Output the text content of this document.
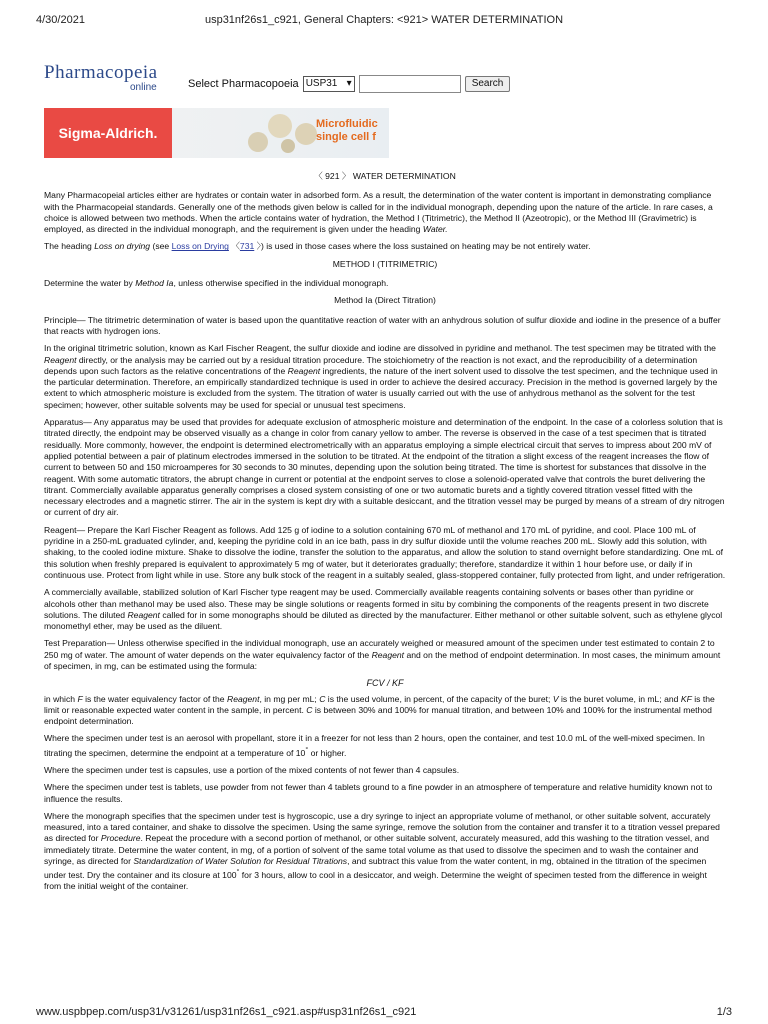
4/30/2021	usp31nf26s1_c921, General Chapters: <921> WATER DETERMINATION
Pharmacopeia
online	Select Pharmacopoeia USP31 ▾	Search
Sigma-Aldrich.
Microfluidic
single cell f
〈 921 〉 WATER DETERMINATION

Many Pharmacopeial articles either are hydrates or contain water in adsorbed form. As a result, the determination of the water content is important in demonstrating compliance with the Pharmacopeial standards. Generally one of the methods given below is called for in the individual monograph, depending upon the nature of the article. In rare cases, a choice is allowed between two methods. When the article contains water of hydration, the Method I (Titrimetric), the Method II (Azeotropic), or the Method III (Gravimetric) is employed, as directed in the individual monograph, and the requirement is given under the heading Water.

The heading Loss on drying (see Loss on Drying 〈731 〉) is used in those cases where the loss sustained on heating may be not entirely water.

METHOD I (TITRIMETRIC)

Determine the water by Method Ia, unless otherwise specified in the individual monograph.

Method Ia (Direct Titration)

Principle— The titrimetric determination of water is based upon the quantitative reaction of water with an anhydrous solution of sulfur dioxide and iodine in the presence of a buffer that reacts with hydrogen ions.

In the original titrimetric solution, known as Karl Fischer Reagent, the sulfur dioxide and iodine are dissolved in pyridine and methanol. The test specimen may be titrated with the Reagent directly, or the analysis may be carried out by a residual titration procedure. The stoichiometry of the reaction is not exact, and the reproducibility of a determination depends upon such factors as the relative concentrations of the Reagent ingredients, the nature of the inert solvent used to dissolve the test specimen, and the technique used in the particular determination. Therefore, an empirically standardized technique is used in order to achieve the desired accuracy. Precision in the method is governed largely by the extent to which atmospheric moisture is excluded from the system. The titration of water is usually carried out with the use of anhydrous methanol as the solvent for the test specimen; however, other suitable solvents may be used for special or unusual test specimens.

Apparatus— Any apparatus may be used that provides for adequate exclusion of atmospheric moisture and determination of the endpoint. In the case of a colorless solution that is titrated directly, the endpoint may be observed visually as a change in color from canary yellow to amber. The reverse is observed in the case of a test specimen that is titrated residually. More commonly, however, the endpoint is determined electrometrically with an apparatus employing a simple electrical circuit that serves to impress about 200 mV of applied potential between a pair of platinum electrodes immersed in the solution to be titrated. At the endpoint of the titration a slight excess of the reagent increases the flow of current to between 50 and 150 microamperes for 30 seconds to 30 minutes, depending upon the solution being titrated. The time is shortest for substances that dissolve in the reagent. With some automatic titrators, the abrupt change in current or potential at the endpoint serves to close a solenoid-operated valve that controls the buret delivering the titrant. Commercially available apparatus generally comprises a closed system consisting of one or two automatic burets and a tightly covered titration vessel fitted with the necessary electrodes and a magnetic stirrer. The air in the system is kept dry with a suitable desiccant, and the titration vessel may be purged by means of a stream of dry nitrogen or current of dry air.

Reagent— Prepare the Karl Fischer Reagent as follows. Add 125 g of iodine to a solution containing 670 mL of methanol and 170 mL of pyridine, and cool. Place 100 mL of pyridine in a 250-mL graduated cylinder, and, keeping the pyridine cold in an ice bath, pass in dry sulfur dioxide until the volume reaches 200 mL. Slowly add this solution, with shaking, to the cooled iodine mixture. Shake to dissolve the iodine, transfer the solution to the apparatus, and allow the solution to stand overnight before standardizing. One mL of this solution when freshly prepared is equivalent to approximately 5 mg of water, but it deteriorates gradually; therefore, standardize it within 1 hour before use, or daily if in continuous use. Protect from light while in use. Store any bulk stock of the reagent in a suitably sealed, glass-stoppered container, fully protected from light, and under refrigeration.

A commercially available, stabilized solution of Karl Fischer type reagent may be used. Commercially available reagents containing solvents or bases other than pyridine or alcohols other than methanol may be used also. These may be single solutions or reagents formed in situ by combining the components of the reagents present in two discrete solutions. The diluted Reagent called for in some monographs should be diluted as directed by the manufacturer. Either methanol or other suitable solvent, such as ethylene glycol monomethyl ether, may be used as the diluent.

Test Preparation— Unless otherwise specified in the individual monograph, use an accurately weighed or measured amount of the specimen under test estimated to contain 2 to 250 mg of water. The amount of water depends on the water equivalency factor of the Reagent and on the method of endpoint determination. In most cases, the minimum amount of specimen, in mg, can be estimated using the formula:

FCV / KF

in which F is the water equivalency factor of the Reagent, in mg per mL; C is the used volume, in percent, of the capacity of the buret; V is the buret volume, in mL; and KF is the limit or reasonable expected water content in the sample, in percent. C is between 30% and 100% for manual titration, and between 10% and 100% for the instrumental method endpoint determination.

Where the specimen under test is an aerosol with propellant, store it in a freezer for not less than 2 hours, open the container, and test 10.0 mL of the well-mixed specimen. In titrating the specimen, determine the endpoint at a temperature of 10° or higher.

Where the specimen under test is capsules, use a portion of the mixed contents of not fewer than 4 capsules.

Where the specimen under test is tablets, use powder from not fewer than 4 tablets ground to a fine powder in an atmosphere of temperature and relative humidity known not to influence the results.

Where the monograph specifies that the specimen under test is hygroscopic, use a dry syringe to inject an appropriate volume of methanol, or other suitable solvent, accurately measured, into a tared container, and shake to dissolve the specimen. Using the same syringe, remove the solution from the container and transfer it to a titration vessel prepared as directed for Procedure. Repeat the procedure with a second portion of methanol, or other suitable solvent, accurately measured, add this washing to the titration vessel, and immediately titrate. Determine the water content, in mg, of a portion of solvent of the same total volume as that used to dissolve the specimen and to wash the container and syringe, as directed for Standardization of Water Solution for Residual Titrations, and subtract this value from the water content, in mg, obtained in the titration of the specimen under test. Dry the container and its closure at 100° for 3 hours, allow to cool in a desiccator, and weigh. Determine the weight of specimen tested from the difference in weight from the initial weight of the container.

www.uspbpep.com/usp31/v31261/usp31nf26s1_c921.asp#usp31nf26s1_c921	1/3
